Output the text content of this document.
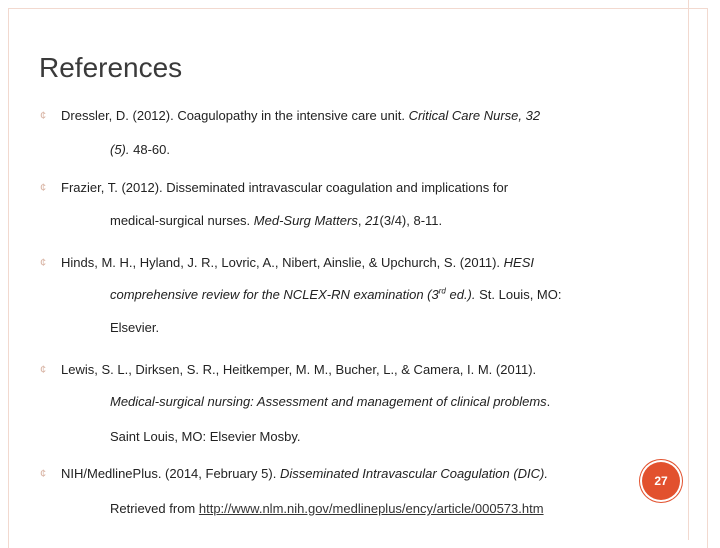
References
¢ Dressler, D. (2012). Coagulopathy in the intensive care unit. Critical Care Nurse, 32
(5). 48-60.
¢ Frazier, T. (2012). Disseminated intravascular coagulation and implications for
medical-surgical nurses. Med-Surg Matters, 21(3/4), 8-11.
¢ Hinds, M. H., Hyland, J. R., Lovric, A., Nibert, Ainslie, & Upchurch, S. (2011). HESI
comprehensive review for the NCLEX-RN examination (3rd ed.). St. Louis, MO:
Elsevier.
¢ Lewis, S. L., Dirksen, S. R., Heitkemper, M. M., Bucher, L., & Camera, I. M. (2011).
Medical-surgical nursing: Assessment and management of clinical problems.
Saint Louis, MO: Elsevier Mosby.
¢ NIH/MedlinePlus. (2014, February 5). Disseminated Intravascular Coagulation (DIC).
Retrieved from http://www.nlm.nih.gov/medlineplus/ency/article/000573.htm
27
